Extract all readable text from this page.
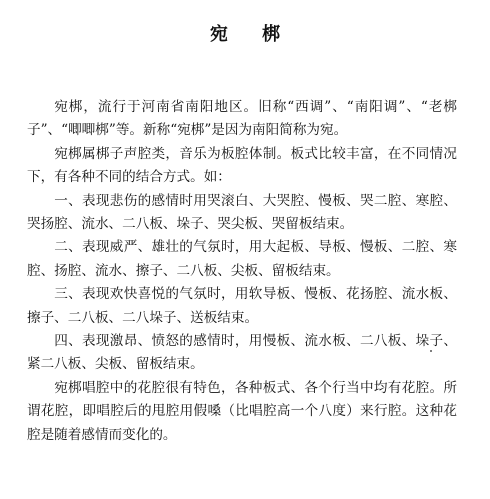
宛 梆

宛梆，流行于河南省南阳地区。旧称“西调”、“南阳调”、“老梆子”、“唧唧梆”等。新称“宛梆”是因为南阳简称为宛。

宛梆属梆子声腔类，音乐为板腔体制。板式比较丰富，在不同情况下，有各种不同的结合方式。如：

一、表现悲伤的感情时用哭滚白、大哭腔、慢板、哭二腔、寒腔、哭扬腔、流水、二八板、垛子、哭尖板、哭留板结束。

二、表现威严、雄壮的气氛时，用大起板、导板、慢板、二腔、寒腔、扬腔、流水、擦子、二八板、尖板、留板结束。

三、表现欢快喜悦的气氛时，用软导板、慢板、花扬腔、流水板、擦子、二八板、二八垛子、送板结束。

四、表现激昂、愤怒的感情时，用慢板、流水板、二八板、垛子、紧二八板、尖板、留板结束。

宛梆唱腔中的花腔很有特色，各种板式、各个行当中均有花腔。所谓花腔，即唱腔后的甩腔用假嗓（比唱腔高一个八度）来行腔。这种花腔是随着感情而变化的。
